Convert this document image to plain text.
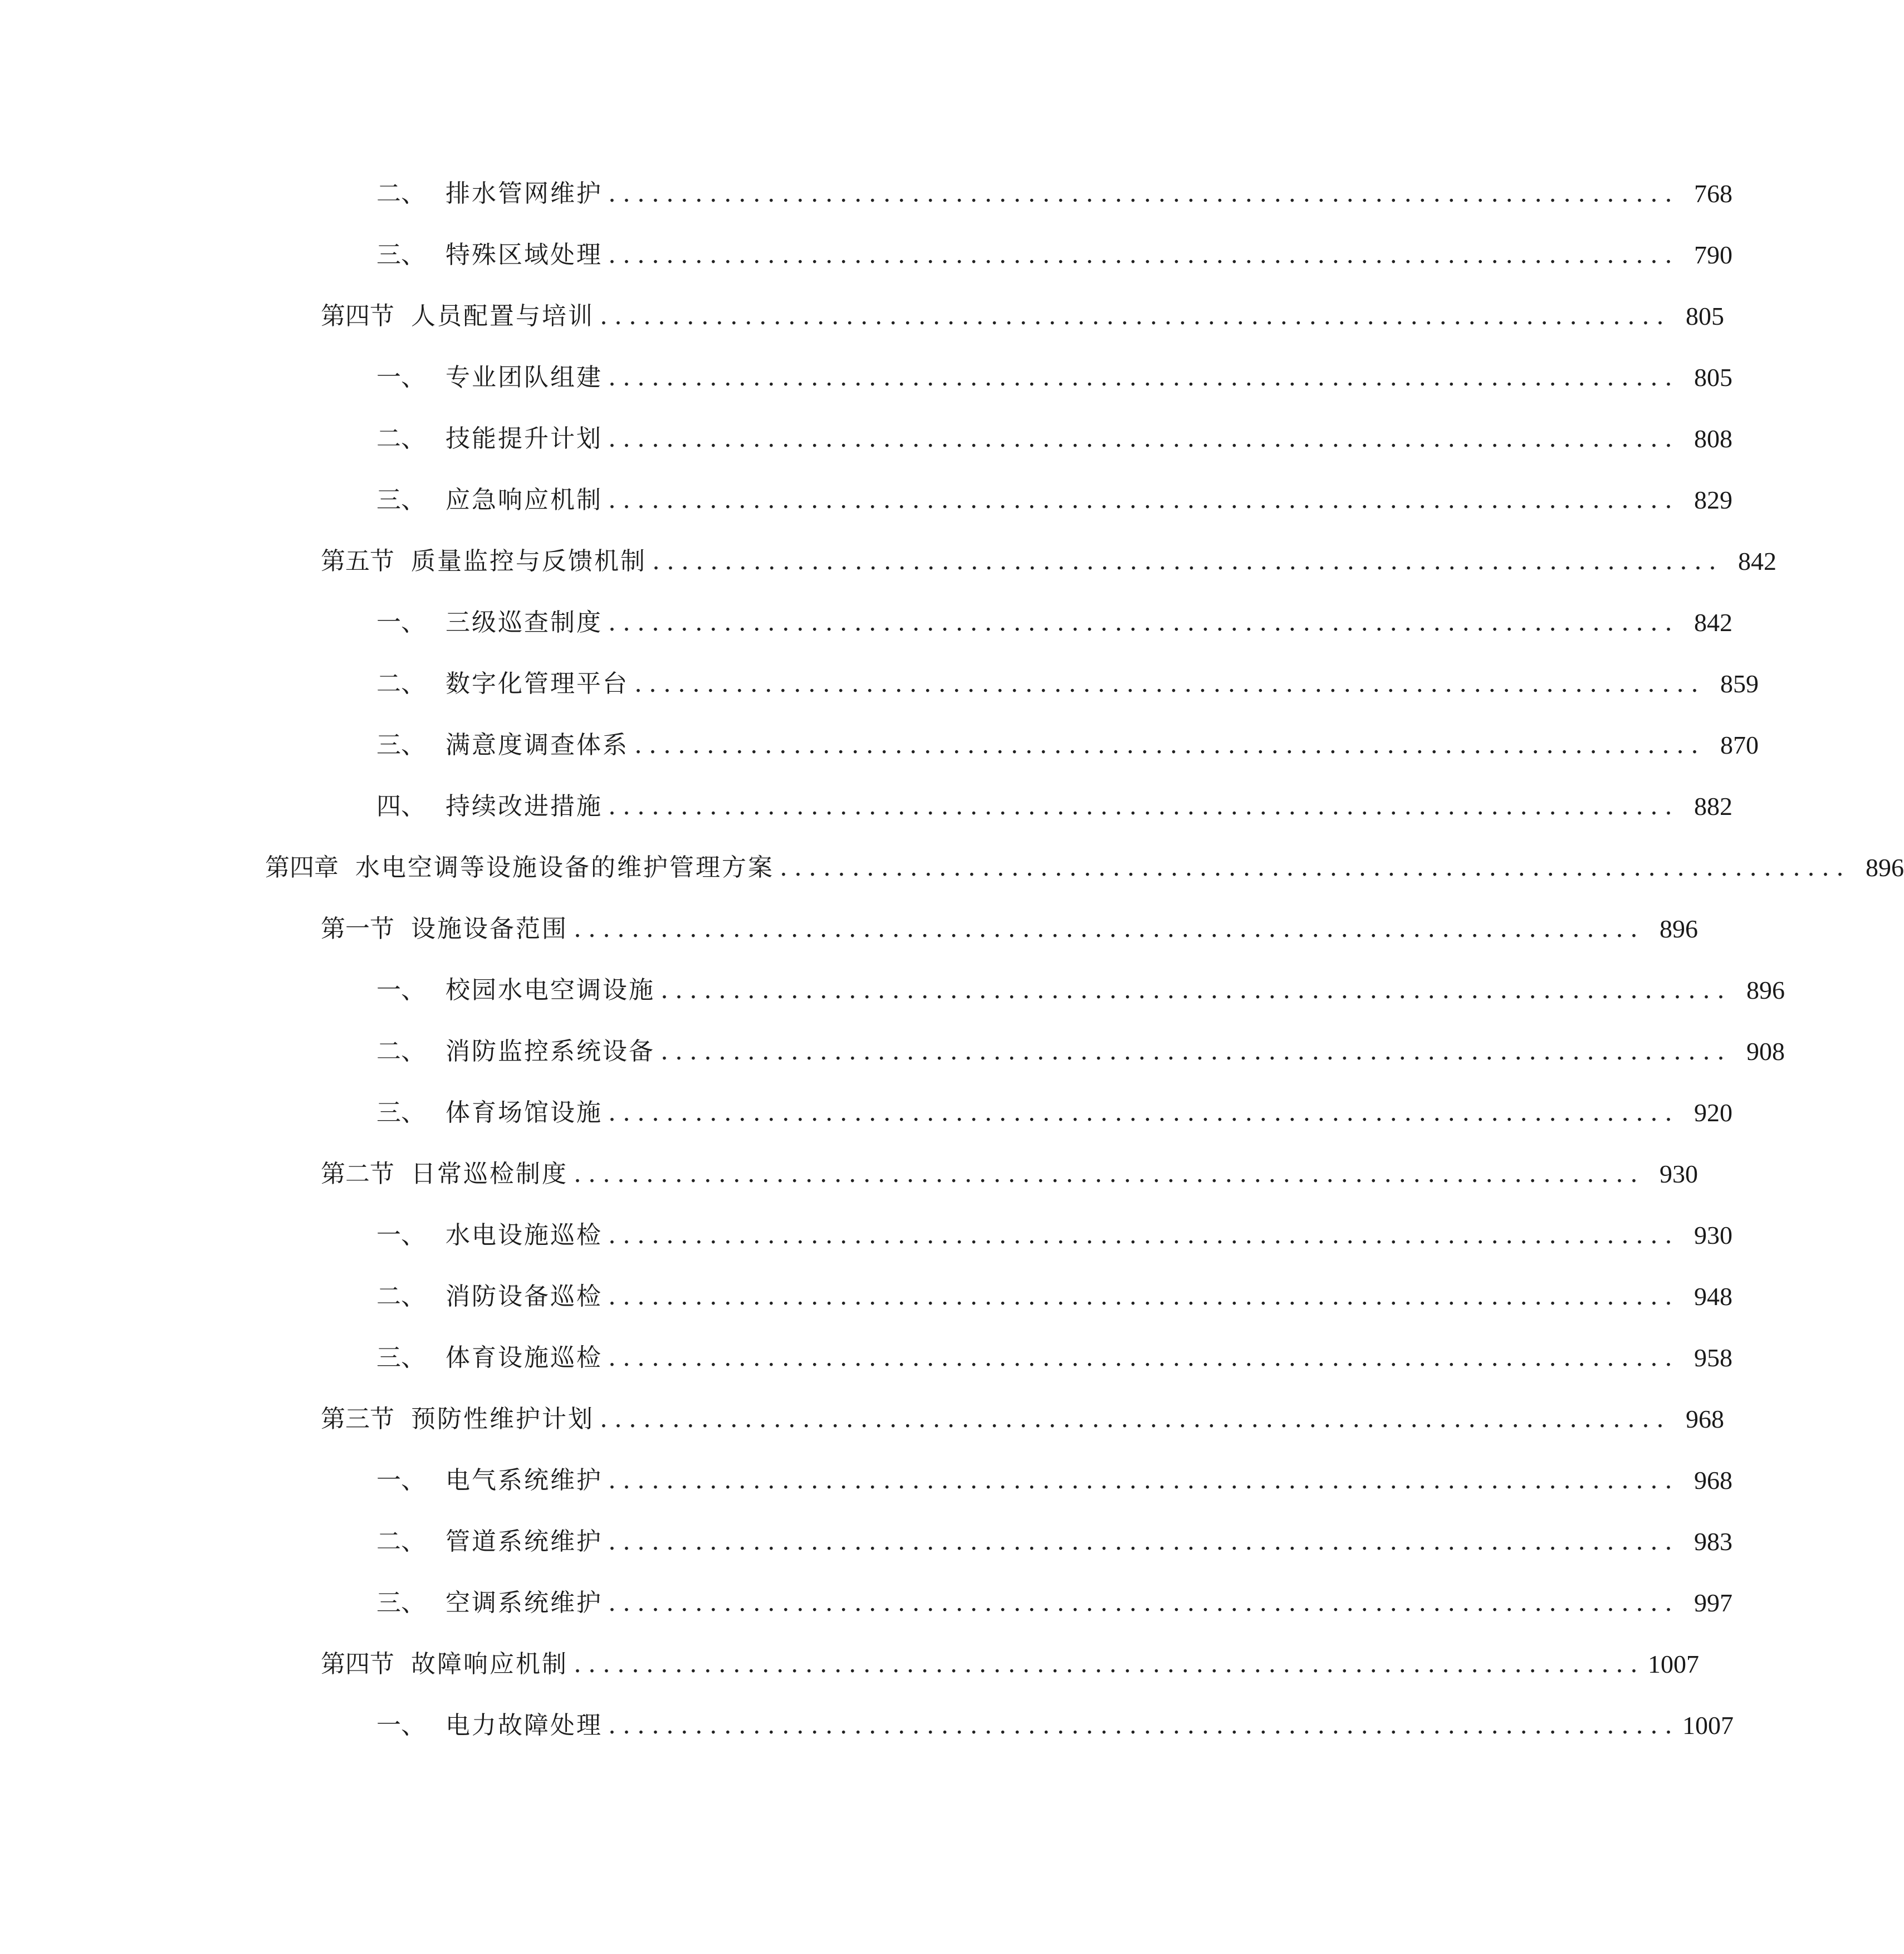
二、 排水管网维护 .......................................................................... 768
三、 特殊区域处理 .......................................................................... 790
第四节 人员配置与培训 .......................................................................... 805
一、 专业团队组建 .......................................................................... 805
二、 技能提升计划 .......................................................................... 808
三、 应急响应机制 .......................................................................... 829
第五节 质量监控与反馈机制 .......................................................................... 842
一、 三级巡查制度 .......................................................................... 842
二、 数字化管理平台 .......................................................................... 859
三、 满意度调查体系 .......................................................................... 870
四、 持续改进措施 .......................................................................... 882
第四章 水电空调等设施设备的维护管理方案 .......................................................................... 896
第一节 设施设备范围 .......................................................................... 896
一、 校园水电空调设施 .......................................................................... 896
二、 消防监控系统设备 .......................................................................... 908
三、 体育场馆设施 .......................................................................... 920
第二节 日常巡检制度 .......................................................................... 930
一、 水电设施巡检 .......................................................................... 930
二、 消防设备巡检 .......................................................................... 948
三、 体育设施巡检 .......................................................................... 958
第三节 预防性维护计划 .......................................................................... 968
一、 电气系统维护 .......................................................................... 968
二、 管道系统维护 .......................................................................... 983
三、 空调系统维护 .......................................................................... 997
第四节 故障响应机制 .......................................................................... 1007
一、 电力故障处理 .......................................................................... 1007
